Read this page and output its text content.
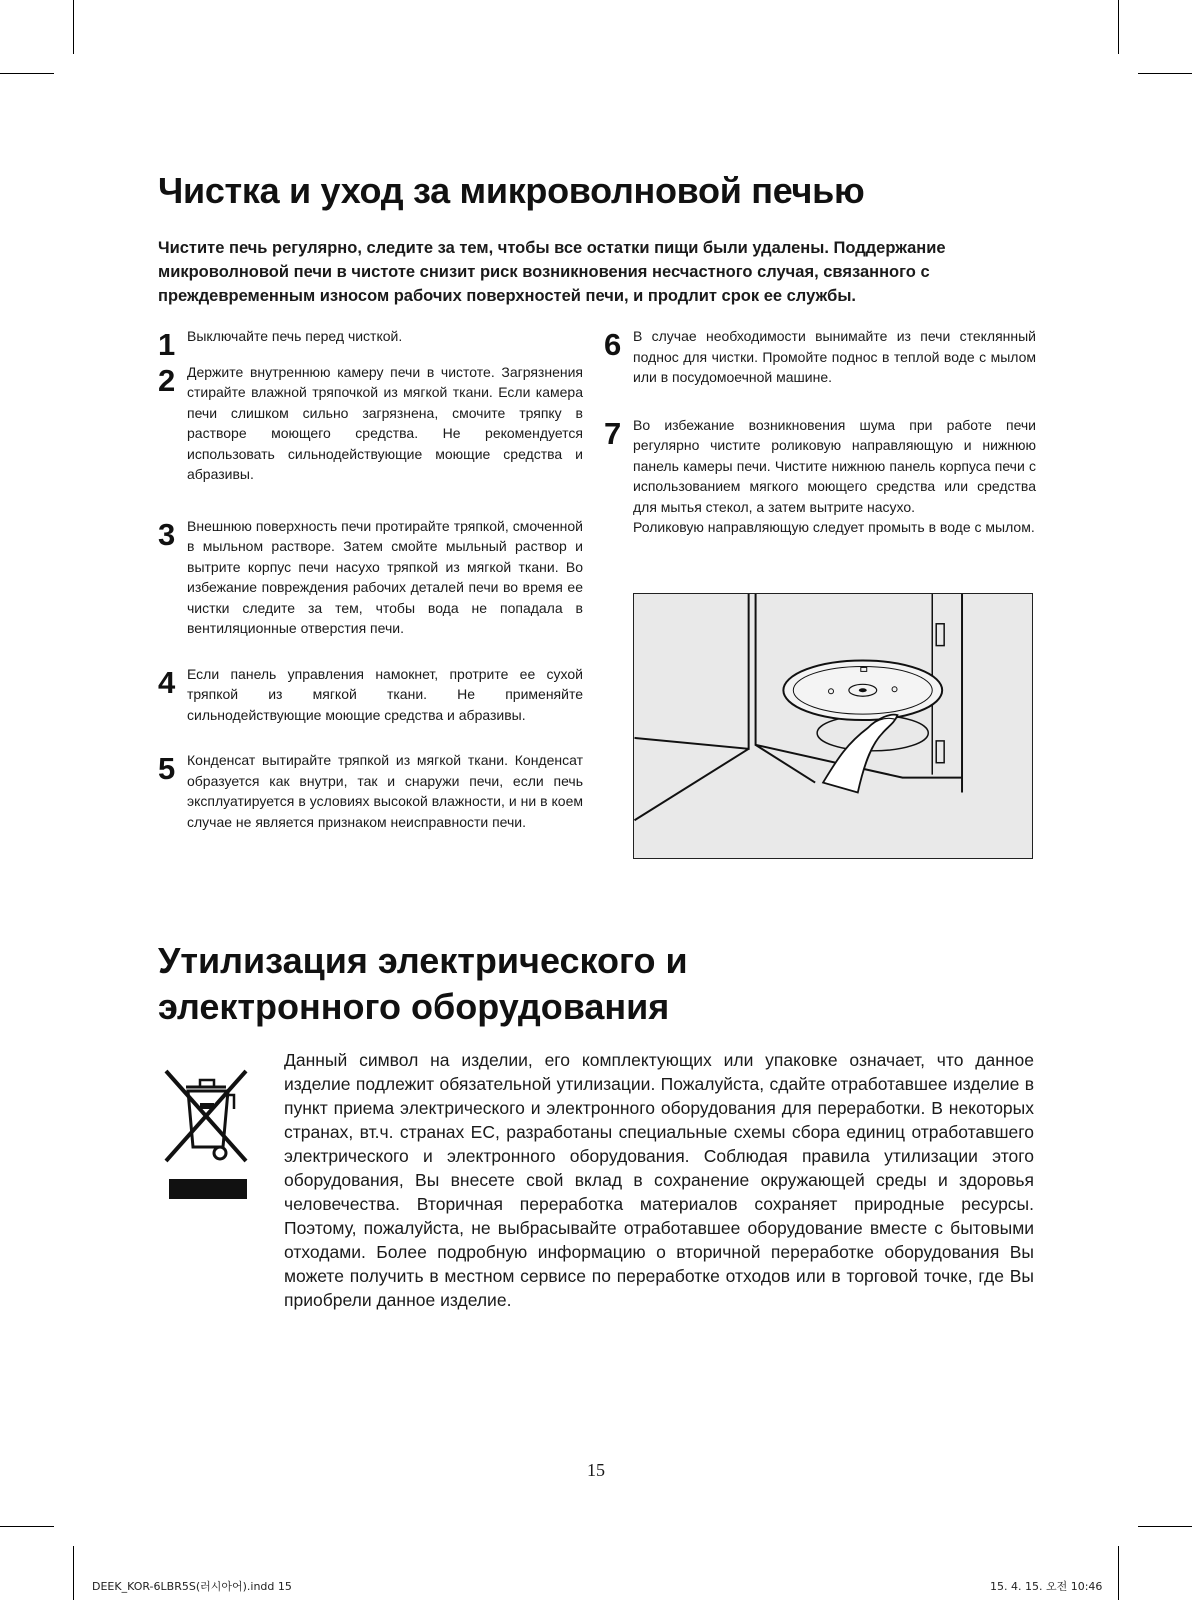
Чистка и уход за микроволновой печью

Чистите печь регулярно, следите за тем, чтобы все остатки пищи были удалены. Поддержание микроволновой печи в чистоте снизит риск возникновения несчастного случая, связанного с преждевременным износом рабочих поверхностей печи, и продлит срок ее службы.

1 Выключайте печь перед чисткой.

2 Держите внутреннюю камеру печи в чистоте. Загрязнения стирайте влажной тряпочкой из мягкой ткани. Если камера печи слишком сильно загрязнена, смочите тряпку в растворе моющего средства. Не рекомендуется использовать сильнодействующие моющие средства и абразивы.

3 Внешнюю поверхность печи протирайте тряпкой, смоченной в мыльном растворе. Затем смойте мыльный раствор и вытрите корпус печи насухо тряпкой из мягкой ткани. Во избежание повреждения рабочих деталей печи во время ее чистки следите за тем, чтобы вода не попадала в вентиляционные отверстия печи.

4 Если панель управления намокнет, протрите ее сухой тряпкой из мягкой ткани. Не применяйте сильнодействующие моющие средства и абразивы.

5 Конденсат вытирайте тряпкой из мягкой ткани. Конденсат образуется как внутри, так и снаружи печи, если печь эксплуатируется в условиях высокой влажности, и ни в коем случае не является признаком неисправности печи.

6 В случае необходимости вынимайте из печи стеклянный поднос для чистки. Промойте поднос в теплой воде с мылом или в посудомоечной машине.

7 Во избежание возникновения шума при работе печи регулярно чистите роликовую направляющую и нижнюю панель камеры печи. Чистите нижнюю панель корпуса печи с использованием мягкого моющего средства или средства для мытья стекол, а затем вытрите насухо.

Роликовую направляющую следует промыть в воде с мылом.

Утилизация электрического и
электронного оборудования

Данный символ на изделии, его комплектующих или упаковке означает, что данное изделие подлежит обязательной утилизации. Пожалуйста, сдайте отработавшее изделие в пункт приема электрического и электронного оборудования для переработки. В некоторых странах, вт.ч. странах ЕС, разработаны специальные схемы сбора единиц отработавшего электрического и электронного оборудования. Соблюдая правила утилизации этого оборудования, Вы внесете свой вклад в сохранение окружающей среды и здоровья человечества. Вторичная переработка материалов сохраняет природные ресурсы. Поэтому, пожалуйста, не выбрасывайте отработавшее оборудование вместе с бытовыми отходами. Более подробную информацию о вторичной переработке оборудования Вы можете получить в местном сервисе по переработке отходов или в торговой точке, где Вы приобрели данное изделие.

15
DEEK_KOR-6LBR5S(러시아어).indd 15	15. 4. 15. 오전 10:46
